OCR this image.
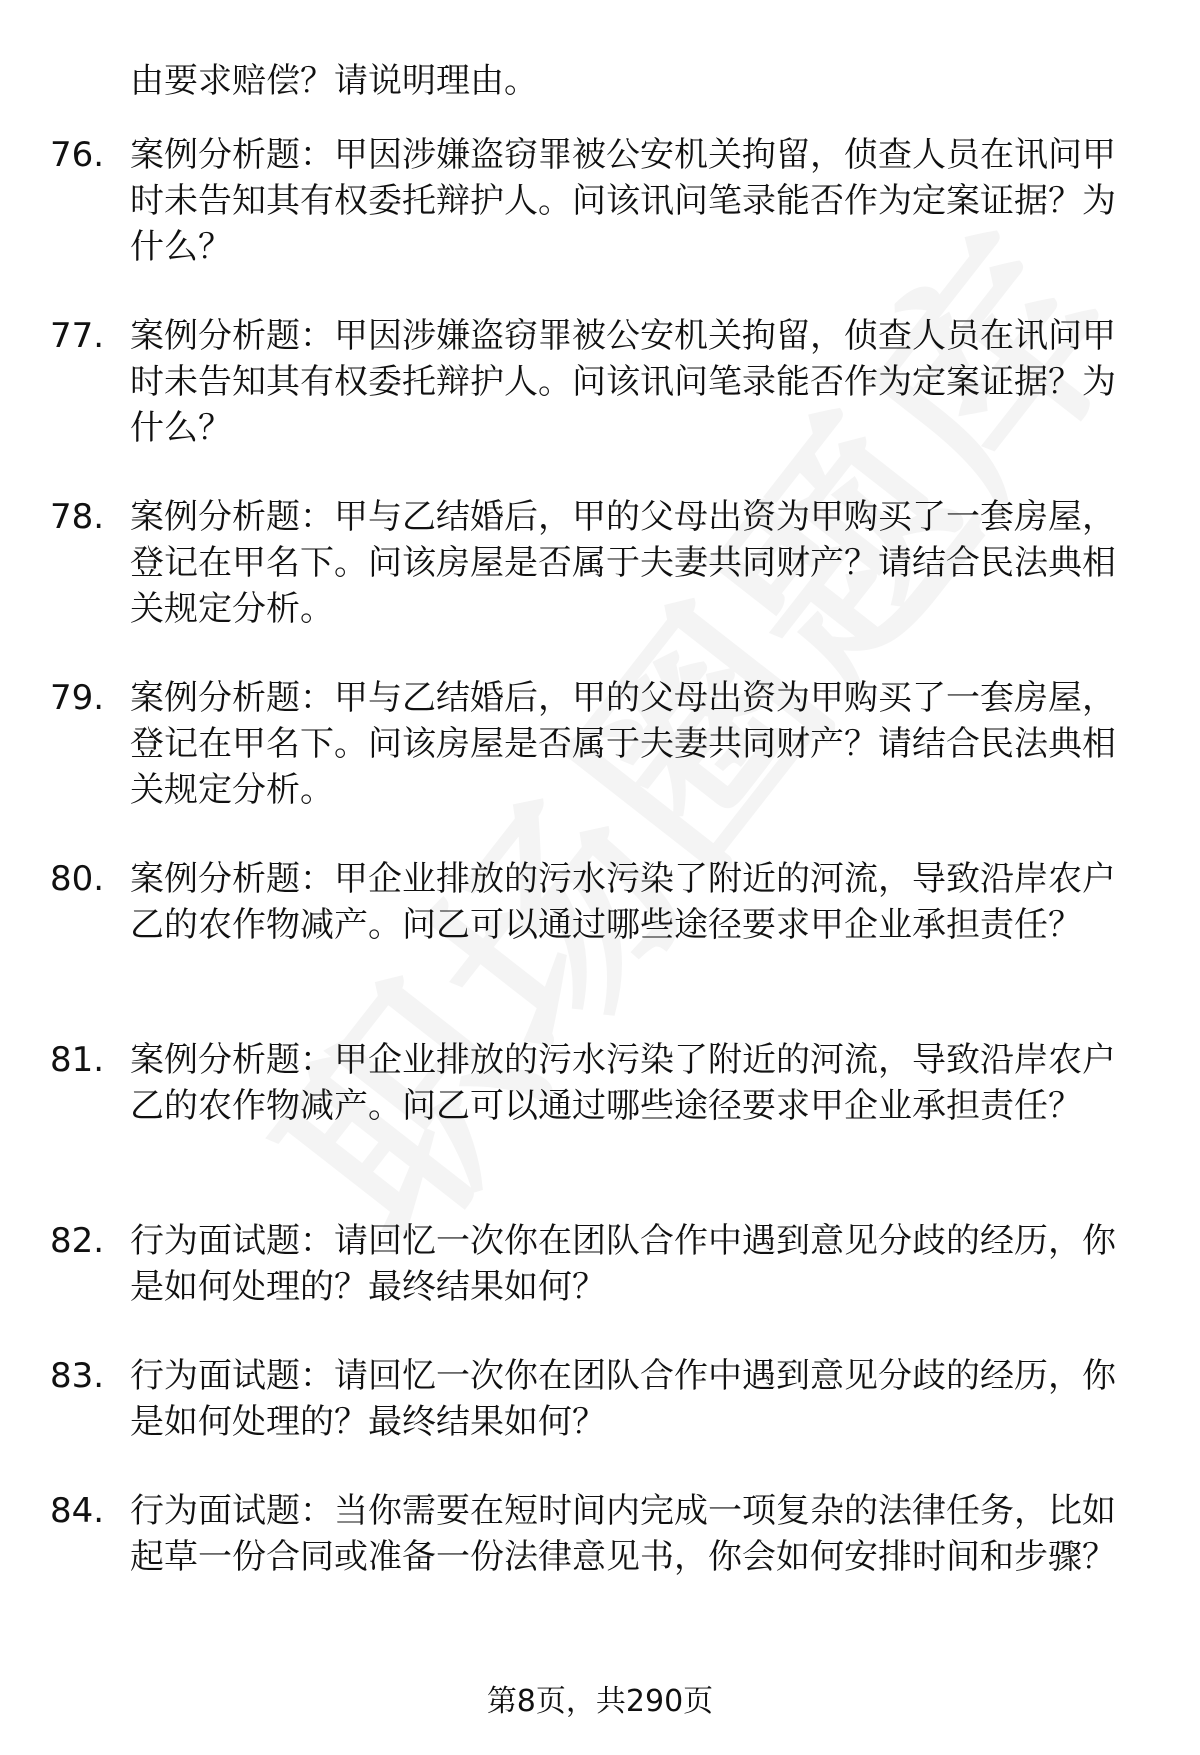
由要求赔偿？请说明理由。
76. 案例分析题：甲因涉嫌盗窃罪被公安机关拘留，侦查人员在讯问甲时未告知其有权委托辩护人。问该讯问笔录能否作为定案证据？为什么？
77. 案例分析题：甲因涉嫌盗窃罪被公安机关拘留，侦查人员在讯问甲时未告知其有权委托辩护人。问该讯问笔录能否作为定案证据？为什么？
78. 案例分析题：甲与乙结婚后，甲的父母出资为甲购买了一套房屋，登记在甲名下。问该房屋是否属于夫妻共同财产？请结合民法典相关规定分析。
79. 案例分析题：甲与乙结婚后，甲的父母出资为甲购买了一套房屋，登记在甲名下。问该房屋是否属于夫妻共同财产？请结合民法典相关规定分析。
80. 案例分析题：甲企业排放的污水污染了附近的河流，导致沿岸农户乙的农作物减产。问乙可以通过哪些途径要求甲企业承担责任？
81. 案例分析题：甲企业排放的污水污染了附近的河流，导致沿岸农户乙的农作物减产。问乙可以通过哪些途径要求甲企业承担责任？
82. 行为面试题：请回忆一次你在团队合作中遇到意见分歧的经历，你是如何处理的？最终结果如何？
83. 行为面试题：请回忆一次你在团队合作中遇到意见分歧的经历，你是如何处理的？最终结果如何？
84. 行为面试题：当你需要在短时间内完成一项复杂的法律任务，比如起草一份合同或准备一份法律意见书，你会如何安排时间和步骤？
第8页，共290页
